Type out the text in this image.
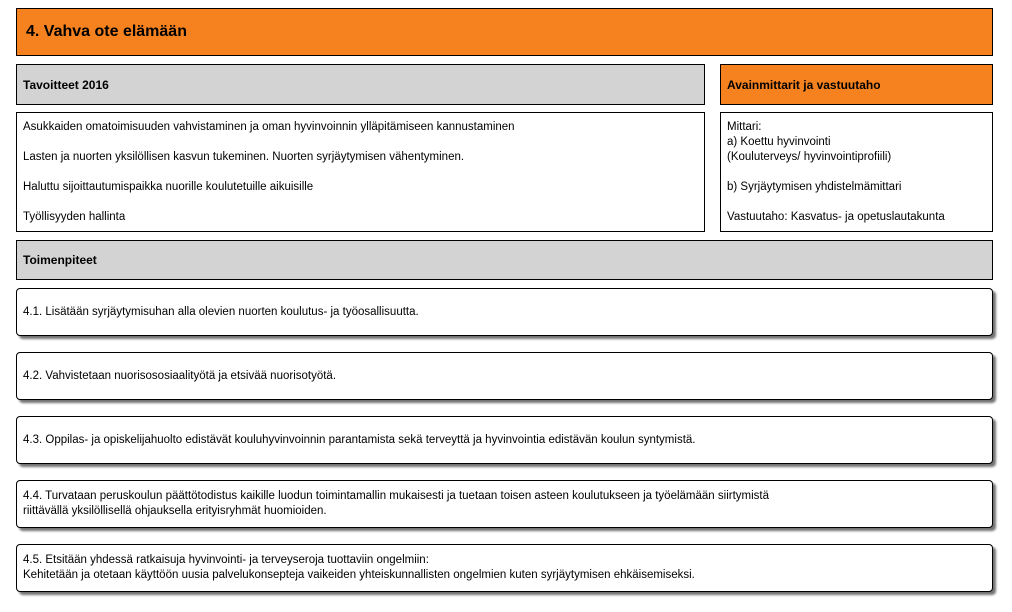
4. Vahva ote elämään
Tavoitteet 2016	Avainmittarit ja vastuutaho
Asukkaiden omatoimisuuden vahvistaminen ja oman hyvinvoinnin ylläpitämiseen kannustaminen
Lasten ja nuorten yksilöllisen kasvun tukeminen. Nuorten syrjäytymisen vähentyminen.
Haluttu sijoittautumispaikka nuorille koulutetuille aikuisille
Työllisyyden hallinta
Mittari:
a) Koettu hyvinvointi
(Kouluterveys/ hyvinvointiprofiili)
b) Syrjäytymisen yhdistelmämittari
Vastuutaho: Kasvatus- ja opetuslautakunta
Toimenpiteet
4.1. Lisätään syrjäytymisuhan alla olevien nuorten koulutus- ja työosallisuutta.
4.2. Vahvistetaan nuorisososiaalityötä ja etsivää nuorisotyötä.
4.3. Oppilas- ja opiskelijahuolto edistävät kouluhyvinvoinnin parantamista sekä terveyttä ja hyvinvointia edistävän koulun syntymistä.
4.4. Turvataan peruskoulun päättötodistus kaikille luodun toimintamallin mukaisesti ja tuetaan toisen asteen koulutukseen ja työelämään siirtymistä
riittävällä yksilöllisellä ohjauksella erityisryhmät huomioiden.
4.5. Etsitään yhdessä ratkaisuja hyvinvointi- ja terveyseroja tuottaviin ongelmiin:
Kehitetään ja otetaan käyttöön uusia palvelukonsepteja vaikeiden yhteiskunnallisten ongelmien kuten syrjäytymisen ehkäisemiseksi.
